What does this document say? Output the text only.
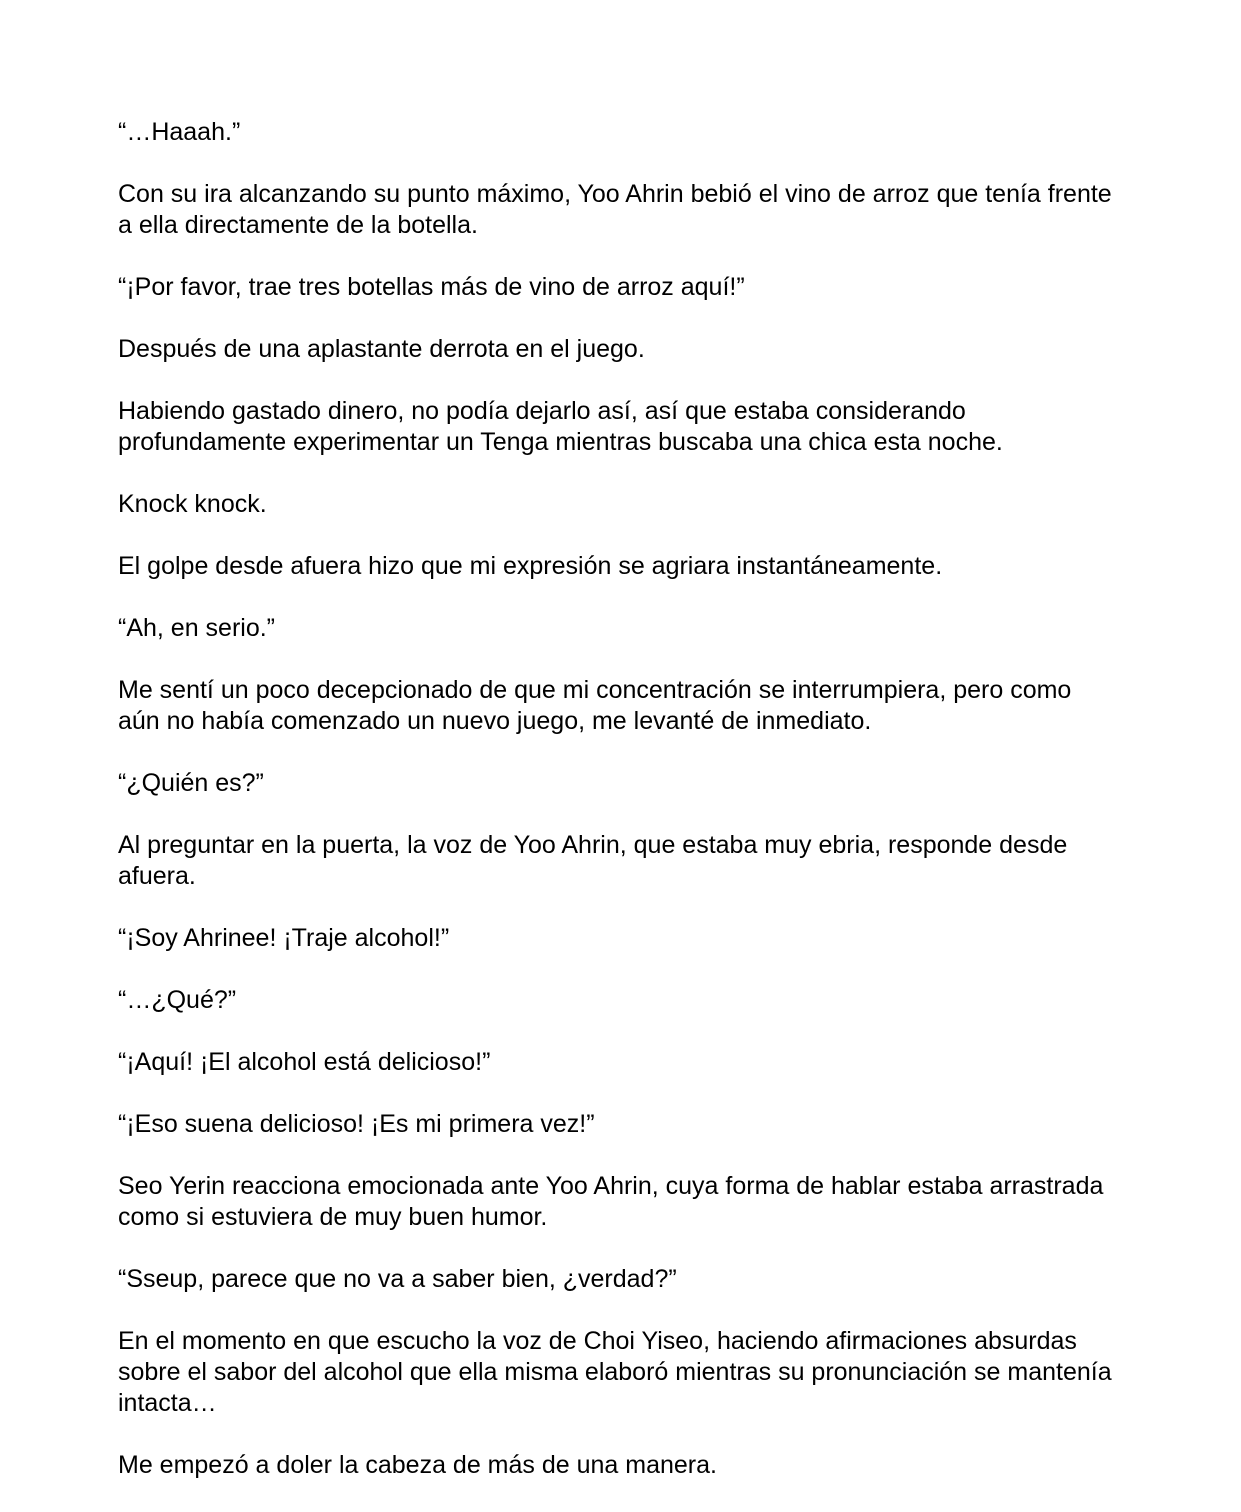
“…Haaah.”

Con su ira alcanzando su punto máximo, Yoo Ahrin bebió el vino de arroz que tenía frente a ella directamente de la botella.

“¡Por favor, trae tres botellas más de vino de arroz aquí!”

Después de una aplastante derrota en el juego.

Habiendo gastado dinero, no podía dejarlo así, así que estaba considerando profundamente experimentar un Tenga mientras buscaba una chica esta noche.

Knock knock.

El golpe desde afuera hizo que mi expresión se agriara instantáneamente.

“Ah, en serio.”

Me sentí un poco decepcionado de que mi concentración se interrumpiera, pero como aún no había comenzado un nuevo juego, me levanté de inmediato.

“¿Quién es?”

Al preguntar en la puerta, la voz de Yoo Ahrin, que estaba muy ebria, responde desde afuera.

“¡Soy Ahrinee! ¡Traje alcohol!”

“…¿Qué?”

“¡Aquí! ¡El alcohol está delicioso!”

“¡Eso suena delicioso! ¡Es mi primera vez!”

Seo Yerin reacciona emocionada ante Yoo Ahrin, cuya forma de hablar estaba arrastrada como si estuviera de muy buen humor.

“Sseup, parece que no va a saber bien, ¿verdad?”

En el momento en que escucho la voz de Choi Yiseo, haciendo afirmaciones absurdas sobre el sabor del alcohol que ella misma elaboró mientras su pronunciación se mantenía intacta…

Me empezó a doler la cabeza de más de una manera.
